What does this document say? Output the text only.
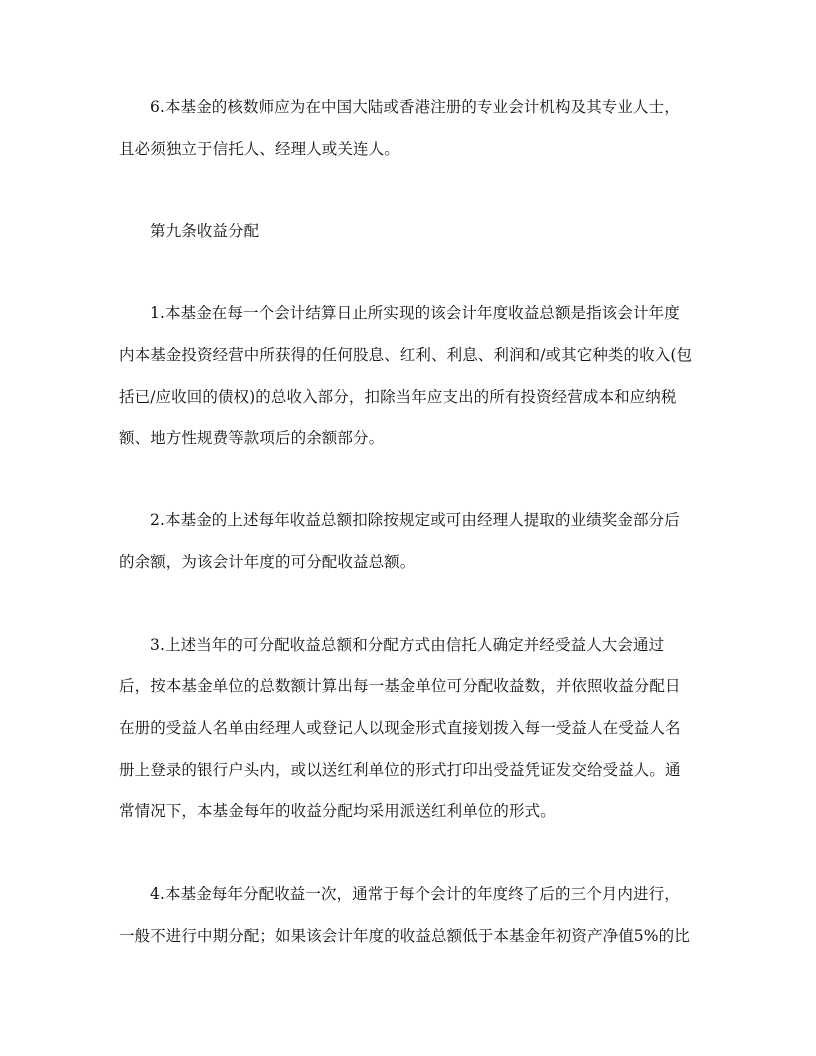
6.本基金的核数师应为在中国大陆或香港注册的专业会计机构及其专业人士，
且必须独立于信托人、经理人或关连人。
第九条收益分配
1.本基金在每一个会计结算日止所实现的该会计年度收益总额是指该会计年度
内本基金投资经营中所获得的任何股息、红利、利息、利润和/或其它种类的收入(包
括已/应收回的债权)的总收入部分，扣除当年应支出的所有投资经营成本和应纳税
额、地方性规费等款项后的余额部分。
2.本基金的上述每年收益总额扣除按规定或可由经理人提取的业绩奖金部分后
的余额，为该会计年度的可分配收益总额。
3.上述当年的可分配收益总额和分配方式由信托人确定并经受益人大会通过
后，按本基金单位的总数额计算出每一基金单位可分配收益数，并依照收益分配日
在册的受益人名单由经理人或登记人以现金形式直接划拨入每一受益人在受益人名
册上登录的银行户头内，或以送红利单位的形式打印出受益凭证发交给受益人。通
常情况下，本基金每年的收益分配均采用派送红利单位的形式。
4.本基金每年分配收益一次，通常于每个会计的年度终了后的三个月内进行，
一般不进行中期分配；如果该会计年度的收益总额低于本基金年初资产净值5%的比
